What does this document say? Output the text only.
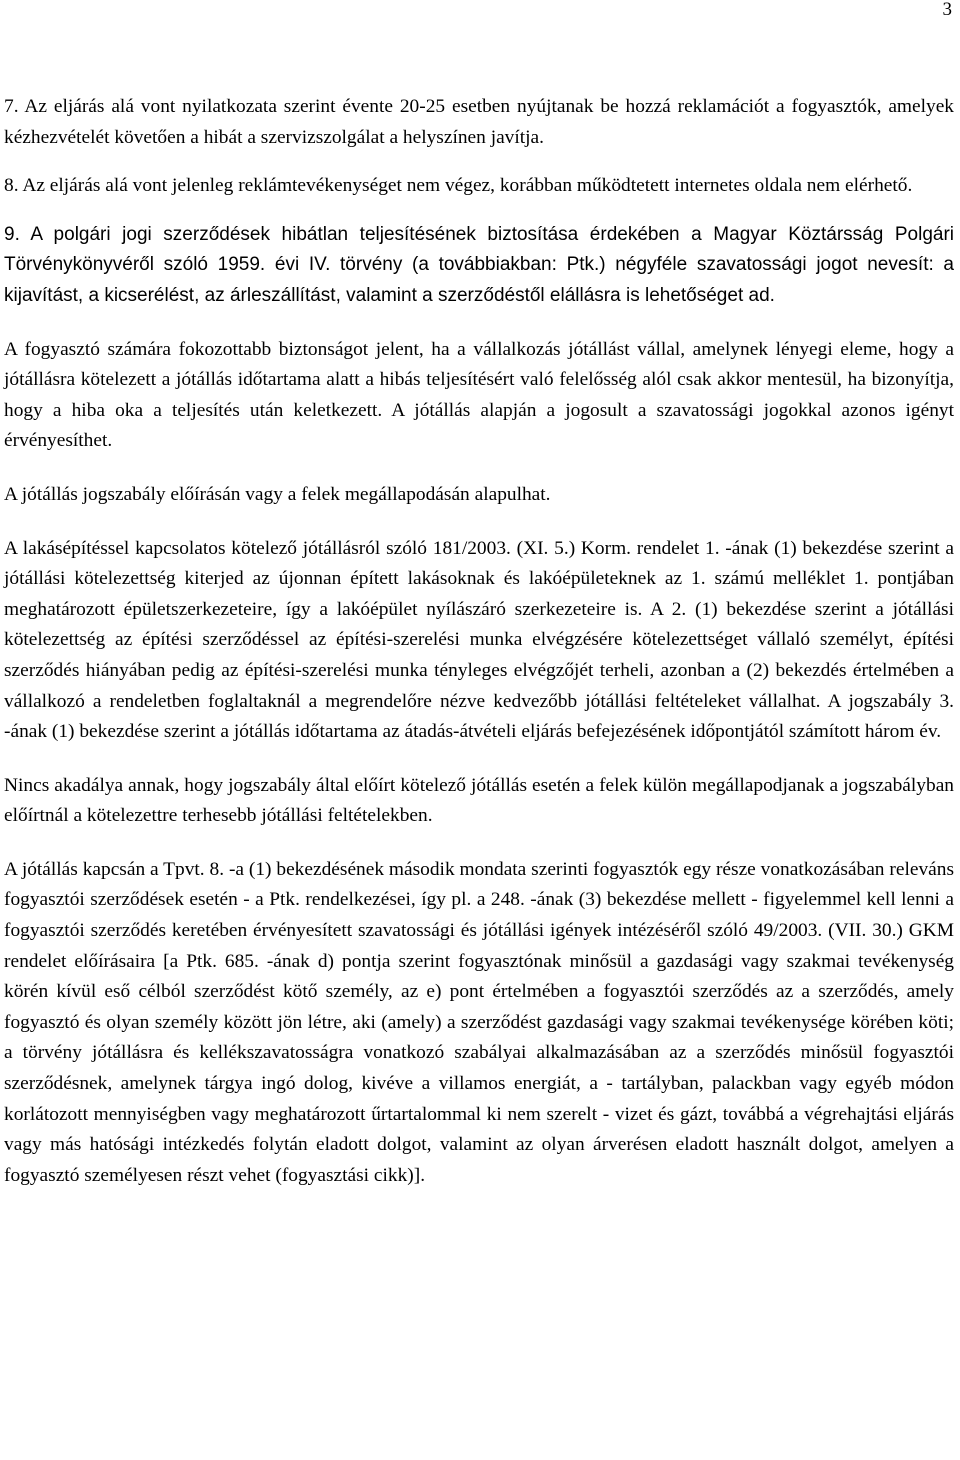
3

7. Az eljárás alá vont nyilatkozata szerint évente 20-25 esetben nyújtanak be hozzá reklamációt a fogyasztók, amelyek kézhezvételét követően a hibát a szervizszolgálat a helyszínen javítja.

8. Az eljárás alá vont jelenleg reklámtevékenységet nem végez, korábban működtetett internetes oldala nem elérhető.

9. A polgári jogi szerződések hibátlan teljesítésének biztosítása érdekében a Magyar Köztársság Polgári Törvénykönyvéről szóló 1959. évi IV. törvény (a továbbiakban: Ptk.) négyféle szavatossági jogot nevesít: a kijavítást, a kicserélést, az árleszállítást, valamint a szerződéstől elállásra is lehetőséget ad.

A fogyasztó számára fokozottabb biztonságot jelent, ha a vállalkozás jótállást vállal, amelynek lényegi eleme, hogy a jótállásra kötelezett a jótállás időtartama alatt a hibás teljesítésért való felelősség alól csak akkor mentesül, ha bizonyítja, hogy a hiba oka a teljesítés után keletkezett. A jótállás alapján a jogosult a szavatossági jogokkal azonos igényt érvényesíthet.

A jótállás jogszabály előírásán vagy a felek megállapodásán alapulhat.

A lakásépítéssel kapcsolatos kötelező jótállásról szóló 181/2003. (XI. 5.) Korm. rendelet 1. -ának (1) bekezdése szerint a jótállási kötelezettség kiterjed az újonnan épített lakásoknak és lakóépületeknek az 1. számú melléklet 1. pontjában meghatározott épületszerkezeteire, így a lakóépület nyílászáró szerkezeteire is. A 2. (1) bekezdése szerint a jótállási kötelezettség az építési szerződéssel az építési-szerelési munka elvégzésére kötelezettséget vállaló személyt, építési szerződés hiányában pedig az építési-szerelési munka tényleges elvégzőjét terheli, azonban a (2) bekezdés értelmében a vállalkozó a rendeletben foglaltaknál a megrendelőre nézve kedvezőbb jótállási feltételeket vállalhat. A jogszabály 3. -ának (1) bekezdése szerint a jótállás időtartama az átadás-átvételi eljárás befejezésének időpontjától számított három év.

Nincs akadálya annak, hogy jogszabály által előírt kötelező jótállás esetén a felek külön megállapodjanak a jogszabályban előírtnál a kötelezettre terhesebb jótállási feltételekben.

A jótállás kapcsán a Tpvt. 8. -a (1) bekezdésének második mondata szerinti fogyasztók egy része vonatkozásában releváns fogyasztói szerződések esetén - a Ptk. rendelkezései, így pl. a 248. -ának (3) bekezdése mellett - figyelemmel kell lenni a fogyasztói szerződés keretében érvényesített szavatossági és jótállási igények intézéséről szóló 49/2003. (VII. 30.) GKM rendelet előírásaira [a Ptk. 685. -ának d) pontja szerint fogyasztónak minősül a gazdasági vagy szakmai tevékenység körén kívül eső célból szerződést kötő személy, az e) pont értelmében a fogyasztói szerződés az a szerződés, amely fogyasztó és olyan személy között jön létre, aki (amely) a szerződést gazdasági vagy szakmai tevékenysége körében köti; a törvény jótállásra és kellékszavatosságra vonatkozó szabályai alkalmazásában az a szerződés minősül fogyasztói szerződésnek, amelynek tárgya ingó dolog, kivéve a villamos energiát, a - tartályban, palackban vagy egyéb módon korlátozott mennyiségben vagy meghatározott űrtartalommal ki nem szerelt - vizet és gázt, továbbá a végrehajtási eljárás vagy más hatósági intézkedés folytán eladott dolgot, valamint az olyan árverésen eladott használt dolgot, amelyen a fogyasztó személyesen részt vehet (fogyasztási cikk)].
